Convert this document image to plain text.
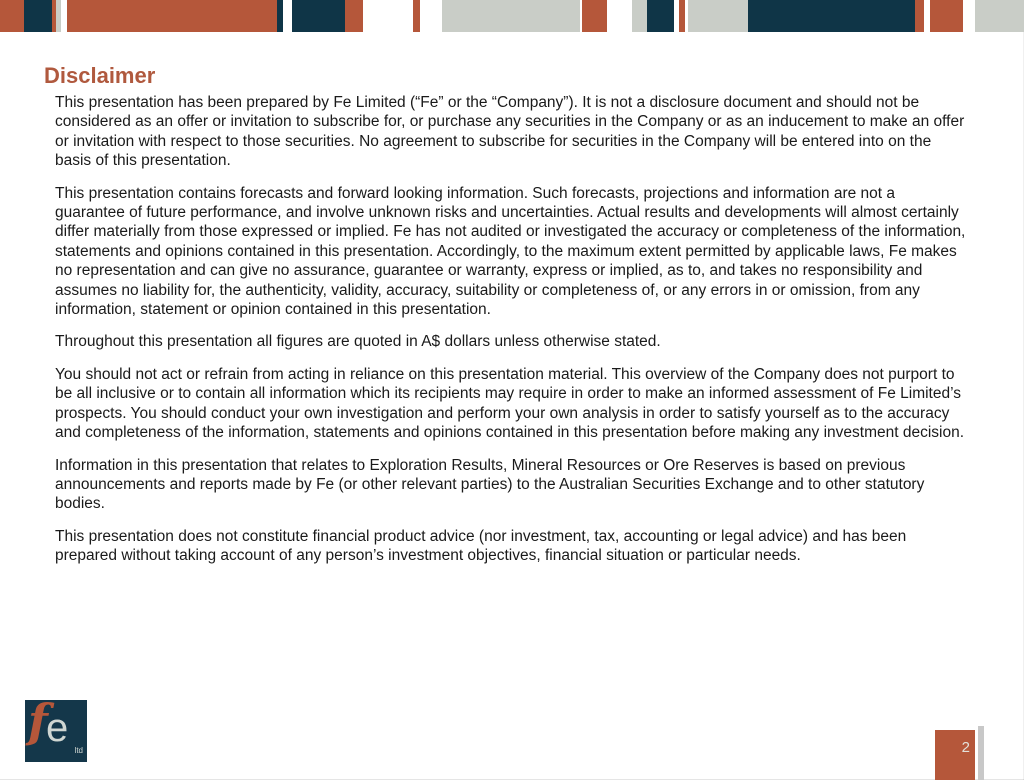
Disclaimer

This presentation has been prepared by Fe Limited (“Fe” or the “Company”). It is not a disclosure document and should not be considered as an offer or invitation to subscribe for, or purchase any securities in the Company or as an inducement to make an offer or invitation with respect to those securities. No agreement to subscribe for securities in the Company will be entered into on the basis of this presentation.

This presentation contains forecasts and forward looking information. Such forecasts, projections and information are not a guarantee of future performance, and involve unknown risks and uncertainties. Actual results and developments will almost certainly differ materially from those expressed or implied. Fe has not audited or investigated the accuracy or completeness of the information, statements and opinions contained in this presentation. Accordingly, to the maximum extent permitted by applicable laws, Fe makes no representation and can give no assurance, guarantee or warranty, express or implied, as to, and takes no responsibility and assumes no liability for, the authenticity, validity, accuracy, suitability or completeness of, or any errors in or omission, from any information, statement or opinion contained in this presentation.

Throughout this presentation all figures are quoted in A$ dollars unless otherwise stated.

You should not act or refrain from acting in reliance on this presentation material. This overview of the Company does not purport to be all inclusive or to contain all information which its recipients may require in order to make an informed assessment of Fe Limited’s prospects. You should conduct your own investigation and perform your own analysis in order to satisfy yourself as to the accuracy and completeness of the information, statements and opinions contained in this presentation before making any investment decision.

Information in this presentation that relates to Exploration Results, Mineral Resources or Ore Reserves is based on previous announcements and reports made by Fe (or other relevant parties) to the Australian Securities Exchange and to other statutory bodies.

This presentation does not constitute financial product advice (nor investment, tax, accounting or legal advice) and has been prepared without taking account of any person’s investment objectives, financial situation or particular needs.

f
e
ltd	2
